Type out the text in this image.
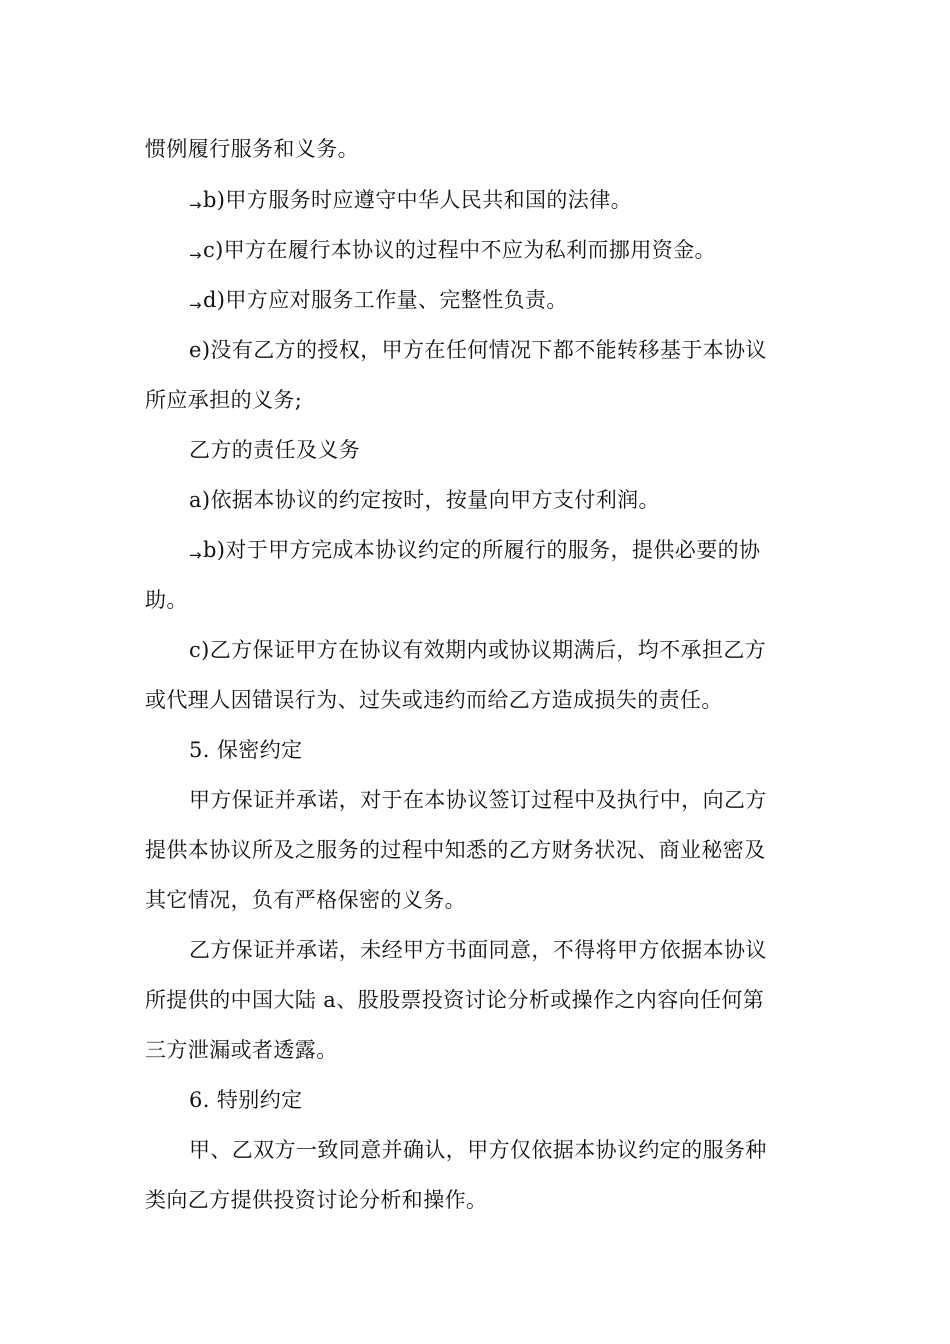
惯例履行服务和义务。
→b)甲方服务时应遵守中华人民共和国的法律。
→c)甲方在履行本协议的过程中不应为私利而挪用资金。
→d)甲方应对服务工作量、完整性负责。
e)没有乙方的授权，甲方在任何情况下都不能转移基于本协议
所应承担的义务;
乙方的责任及义务
a)依据本协议的约定按时，按量向甲方支付利润。
→b)对于甲方完成本协议约定的所履行的服务，提供必要的协
助。
c)乙方保证甲方在协议有效期内或协议期满后，均不承担乙方
或代理人因错误行为、过失或违约而给乙方造成损失的责任。
5. 保密约定
甲方保证并承诺，对于在本协议签订过程中及执行中，向乙方
提供本协议所及之服务的过程中知悉的乙方财务状况、商业秘密及
其它情况，负有严格保密的义务。
乙方保证并承诺，未经甲方书面同意，不得将甲方依据本协议
所提供的中国大陆 a、股股票投资讨论分析或操作之内容向任何第
三方泄漏或者透露。
6. 特别约定
甲、乙双方一致同意并确认，甲方仅依据本协议约定的服务种
类向乙方提供投资讨论分析和操作。
